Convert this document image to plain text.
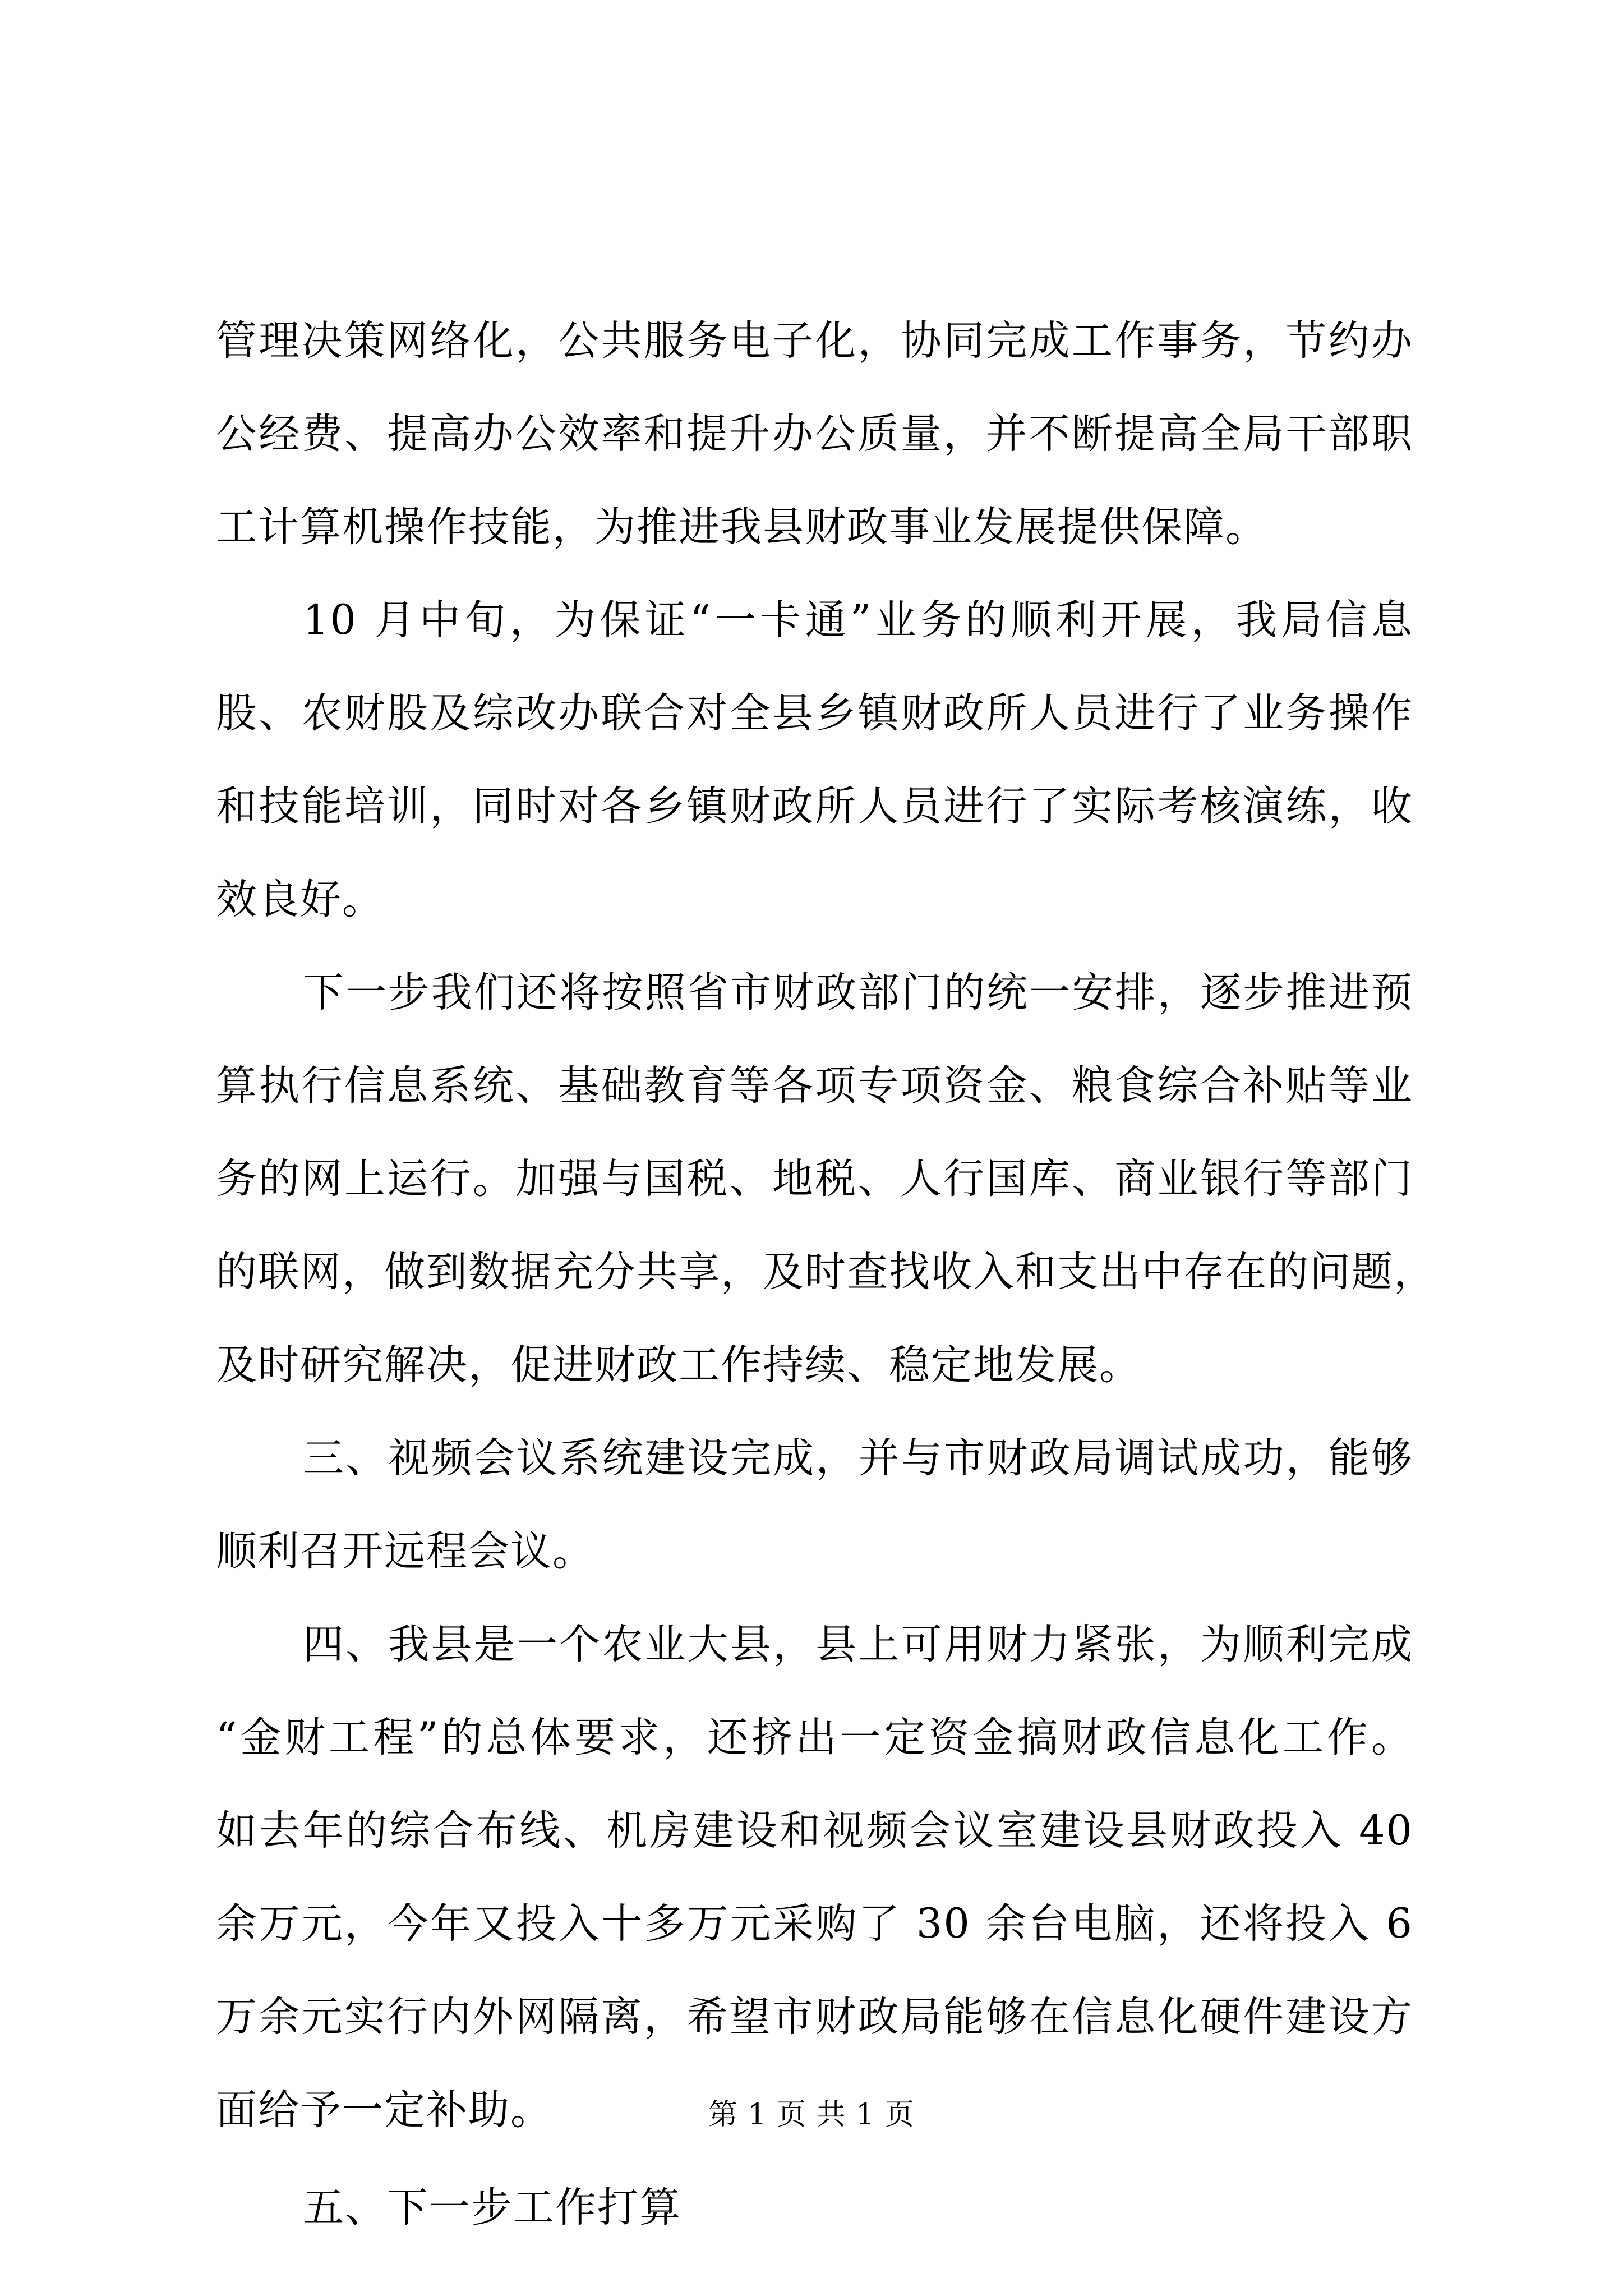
管理决策网络化，公共服务电子化，协同完成工作事务，节约办
公经费、提高办公效率和提升办公质量，并不断提高全局干部职
工计算机操作技能，为推进我县财政事业发展提供保障。
10 月中旬，为保证“一卡通”业务的顺利开展，我局信息
股、农财股及综改办联合对全县乡镇财政所人员进行了业务操作
和技能培训，同时对各乡镇财政所人员进行了实际考核演练，收
效良好。
下一步我们还将按照省市财政部门的统一安排，逐步推进预
算执行信息系统、基础教育等各项专项资金、粮食综合补贴等业
务的网上运行。加强与国税、地税、人行国库、商业银行等部门
的联网，做到数据充分共享，及时查找收入和支出中存在的问题，
及时研究解决，促进财政工作持续、稳定地发展。
三、视频会议系统建设完成，并与市财政局调试成功，能够
顺利召开远程会议。
四、我县是一个农业大县，县上可用财力紧张，为顺利完成
“金财工程”的总体要求，还挤出一定资金搞财政信息化工作。
如去年的综合布线、机房建设和视频会议室建设县财政投入 40
余万元，今年又投入十多万元采购了 30 余台电脑，还将投入 6
万余元实行内外网隔离，希望市财政局能够在信息化硬件建设方
面给予一定补助。
五、下一步工作打算
第 1 页 共 1 页
